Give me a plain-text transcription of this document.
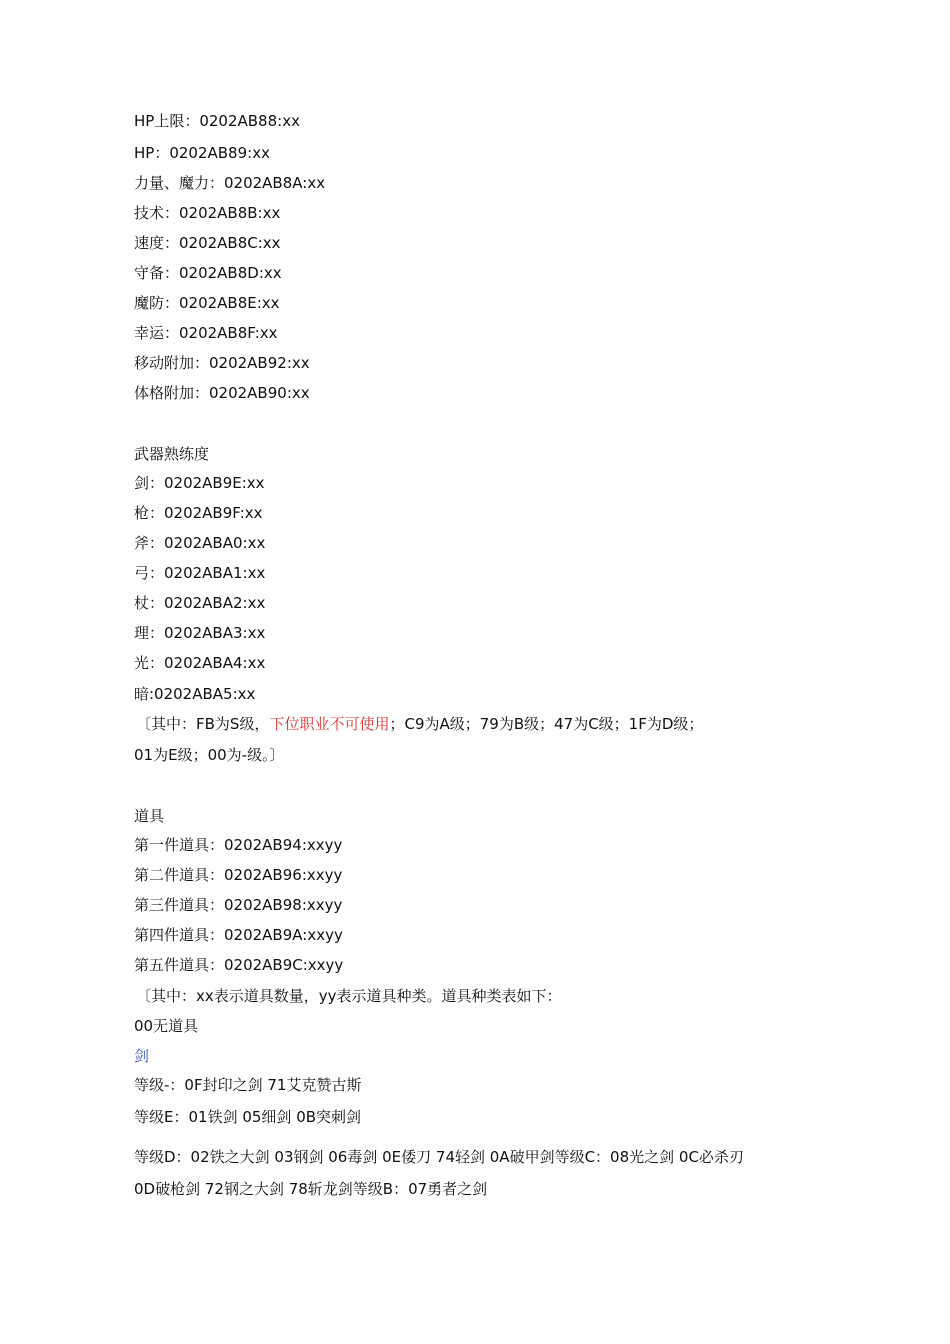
HP上限：0202AB88:xx
HP：0202AB89:xx
力量、魔力：0202AB8A:xx
技术：0202AB8B:xx
速度：0202AB8C:xx
守备：0202AB8D:xx
魔防：0202AB8E:xx
幸运：0202AB8F:xx
移动附加：0202AB92:xx
体格附加：0202AB90:xx
武器熟练度
剑：0202AB9E:xx
枪：0202AB9F:xx
斧：0202ABA0:xx
弓：0202ABA1:xx
杖：0202ABA2:xx
理：0202ABA3:xx
光：0202ABA4:xx
暗:0202ABA5:xx
〔其中：FB为S级，下位职业不可使用；C9为A级；79为B级；47为C级；1F为D级；
01为E级；00为-级。〕
道具
第一件道具：0202AB94:xxyy
第二件道具：0202AB96:xxyy
第三件道具：0202AB98:xxyy
第四件道具：0202AB9A:xxyy
第五件道具：0202AB9C:xxyy
〔其中：xx表示道具数量，yy表示道具种类。道具种类表如下：
00无道具
剑
等级-：0F封印之剑 71艾克赞古斯
等级E：01铁剑 05细剑 0B突刺剑
等级D：02铁之大剑 03钢剑 06毒剑 0E倭刀 74轻剑 0A破甲剑等级C：08光之剑 0C必杀刃
0D破枪剑 72钢之大剑 78斩龙剑等级B：07勇者之剑
